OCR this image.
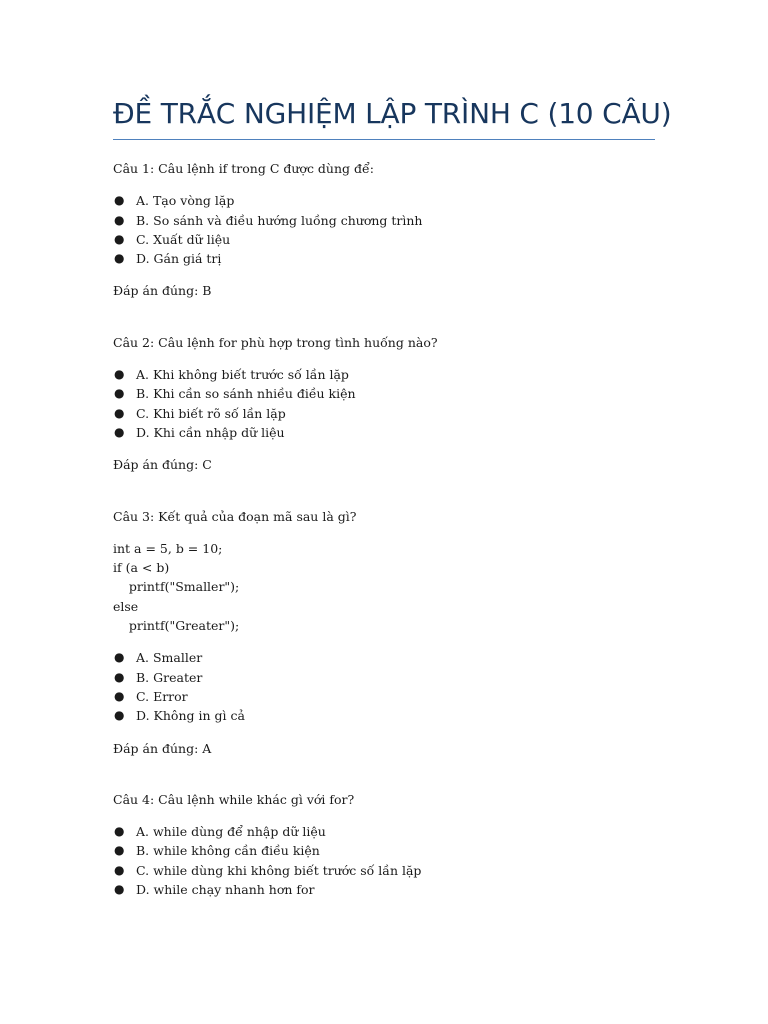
ĐỀ TRẮC NGHIỆM LẬP TRÌNH C (10 CÂU)

Câu 1: Câu lệnh if trong C được dùng để:

● A. Tạo vòng lặp
● B. So sánh và điều hướng luồng chương trình
● C. Xuất dữ liệu
● D. Gán giá trị

Đáp án đúng: B

Câu 2: Câu lệnh for phù hợp trong tình huống nào?

● A. Khi không biết trước số lần lặp
● B. Khi cần so sánh nhiều điều kiện
● C. Khi biết rõ số lần lặp
● D. Khi cần nhập dữ liệu

Đáp án đúng: C

Câu 3: Kết quả của đoạn mã sau là gì?

int a = 5, b = 10;
if (a < b)
printf("Smaller");
else
printf("Greater");
● A. Smaller
● B. Greater
● C. Error
● D. Không in gì cả

Đáp án đúng: A

Câu 4: Câu lệnh while khác gì với for?

● A. while dùng để nhập dữ liệu
● B. while không cần điều kiện
● C. while dùng khi không biết trước số lần lặp
● D. while chạy nhanh hơn for
